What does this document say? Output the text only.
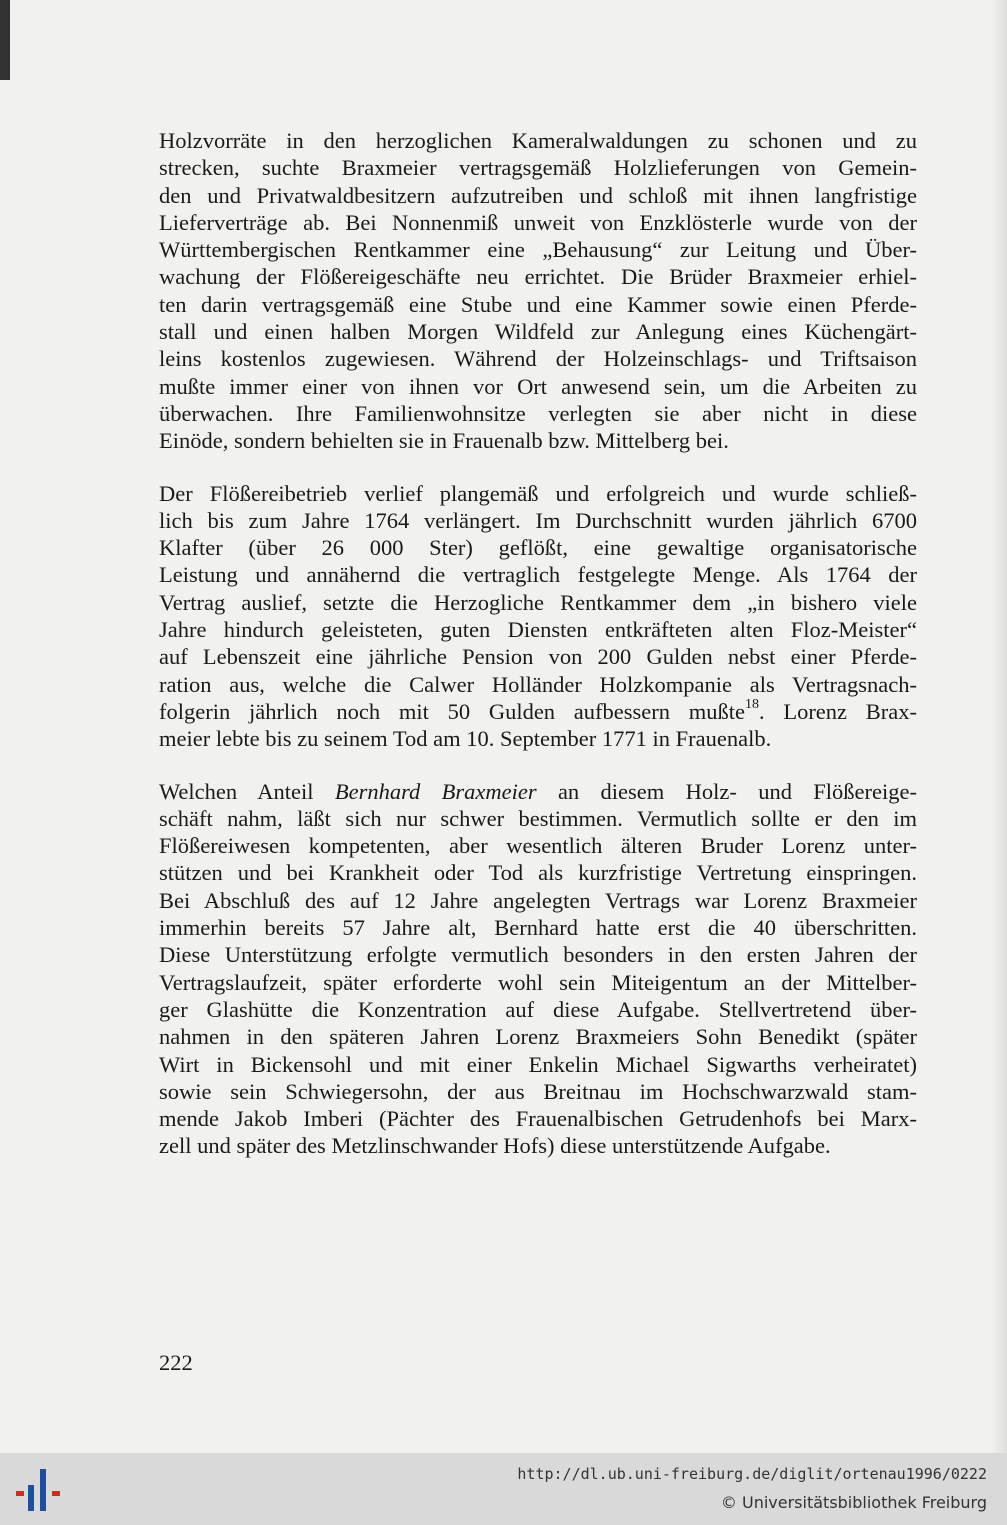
Holzvorräte in den herzoglichen Kameralwaldungen zu schonen und zu
strecken, suchte Braxmeier vertragsgemäß Holzlieferungen von Gemein-
den und Privatwaldbesitzern aufzutreiben und schloß mit ihnen langfristige
Lieferverträge ab. Bei Nonnenmiß unweit von Enzklösterle wurde von der
Württembergischen Rentkammer eine „Behausung“ zur Leitung und Über-
wachung der Flößereigeschäfte neu errichtet. Die Brüder Braxmeier erhiel-
ten darin vertragsgemäß eine Stube und eine Kammer sowie einen Pferde-
stall und einen halben Morgen Wildfeld zur Anlegung eines Küchengärt-
leins kostenlos zugewiesen. Während der Holzeinschlags- und Triftsaison
mußte immer einer von ihnen vor Ort anwesend sein, um die Arbeiten zu
überwachen. Ihre Familienwohnsitze verlegten sie aber nicht in diese
Einöde, sondern behielten sie in Frauenalb bzw. Mittelberg bei.
Der Flößereibetrieb verlief plangemäß und erfolgreich und wurde schließ-
lich bis zum Jahre 1764 verlängert. Im Durchschnitt wurden jährlich 6700
Klafter (über 26 000 Ster) geflößt, eine gewaltige organisatorische
Leistung und annähernd die vertraglich festgelegte Menge. Als 1764 der
Vertrag auslief, setzte die Herzogliche Rentkammer dem „in bishero viele
Jahre hindurch geleisteten, guten Diensten entkräfteten alten Floz-Meister“
auf Lebenszeit eine jährliche Pension von 200 Gulden nebst einer Pferde-
ration aus, welche die Calwer Holländer Holzkompanie als Vertragsnach-
folgerin jährlich noch mit 50 Gulden aufbessern mußte$^{18}$. Lorenz Brax-
meier lebte bis zu seinem Tod am 10. September 1771 in Frauenalb.
Welchen Anteil Bernhard Braxmeier an diesem Holz- und Flößereige-
schäft nahm, läßt sich nur schwer bestimmen. Vermutlich sollte er den im
Flößereiwesen kompetenten, aber wesentlich älteren Bruder Lorenz unter-
stützen und bei Krankheit oder Tod als kurzfristige Vertretung einspringen.
Bei Abschluß des auf 12 Jahre angelegten Vertrags war Lorenz Braxmeier
immerhin bereits 57 Jahre alt, Bernhard hatte erst die 40 überschritten.
Diese Unterstützung erfolgte vermutlich besonders in den ersten Jahren der
Vertragslaufzeit, später erforderte wohl sein Miteigentum an der Mittelber-
ger Glashütte die Konzentration auf diese Aufgabe. Stellvertretend über-
nahmen in den späteren Jahren Lorenz Braxmeiers Sohn Benedikt (später
Wirt in Bickensohl und mit einer Enkelin Michael Sigwarths verheiratet)
sowie sein Schwiegersohn, der aus Breitnau im Hochschwarzwald stam-
mende Jakob Imberi (Pächter des Frauenalbischen Getrudenhofs bei Marx-
zell und später des Metzlinschwander Hofs) diese unterstützende Aufgabe.
222
http://dl.ub.uni-freiburg.de/diglit/ortenau1996/0222
© Universitätsbibliothek Freiburg
